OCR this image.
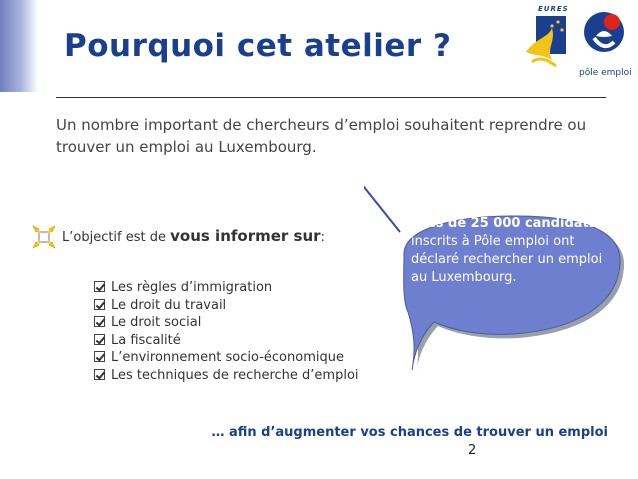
Pourquoi cet atelier ?
EURES
pôle emploi

Un nombre important de chercheurs d’emploi souhaitent reprendre ou trouver un emploi au Luxembourg.

Près de 25 000 candidats
inscrits à Pôle emploi ont déclaré rechercher un emploi au Luxembourg.
L’objectif est de vous informer sur:
Les règles d’immigration
Le droit du travail
Le droit social
La fiscalité
L’environnement socio-économique
Les techniques de recherche d’emploi

… afin d’augmenter vos chances de trouver un emploi

2
